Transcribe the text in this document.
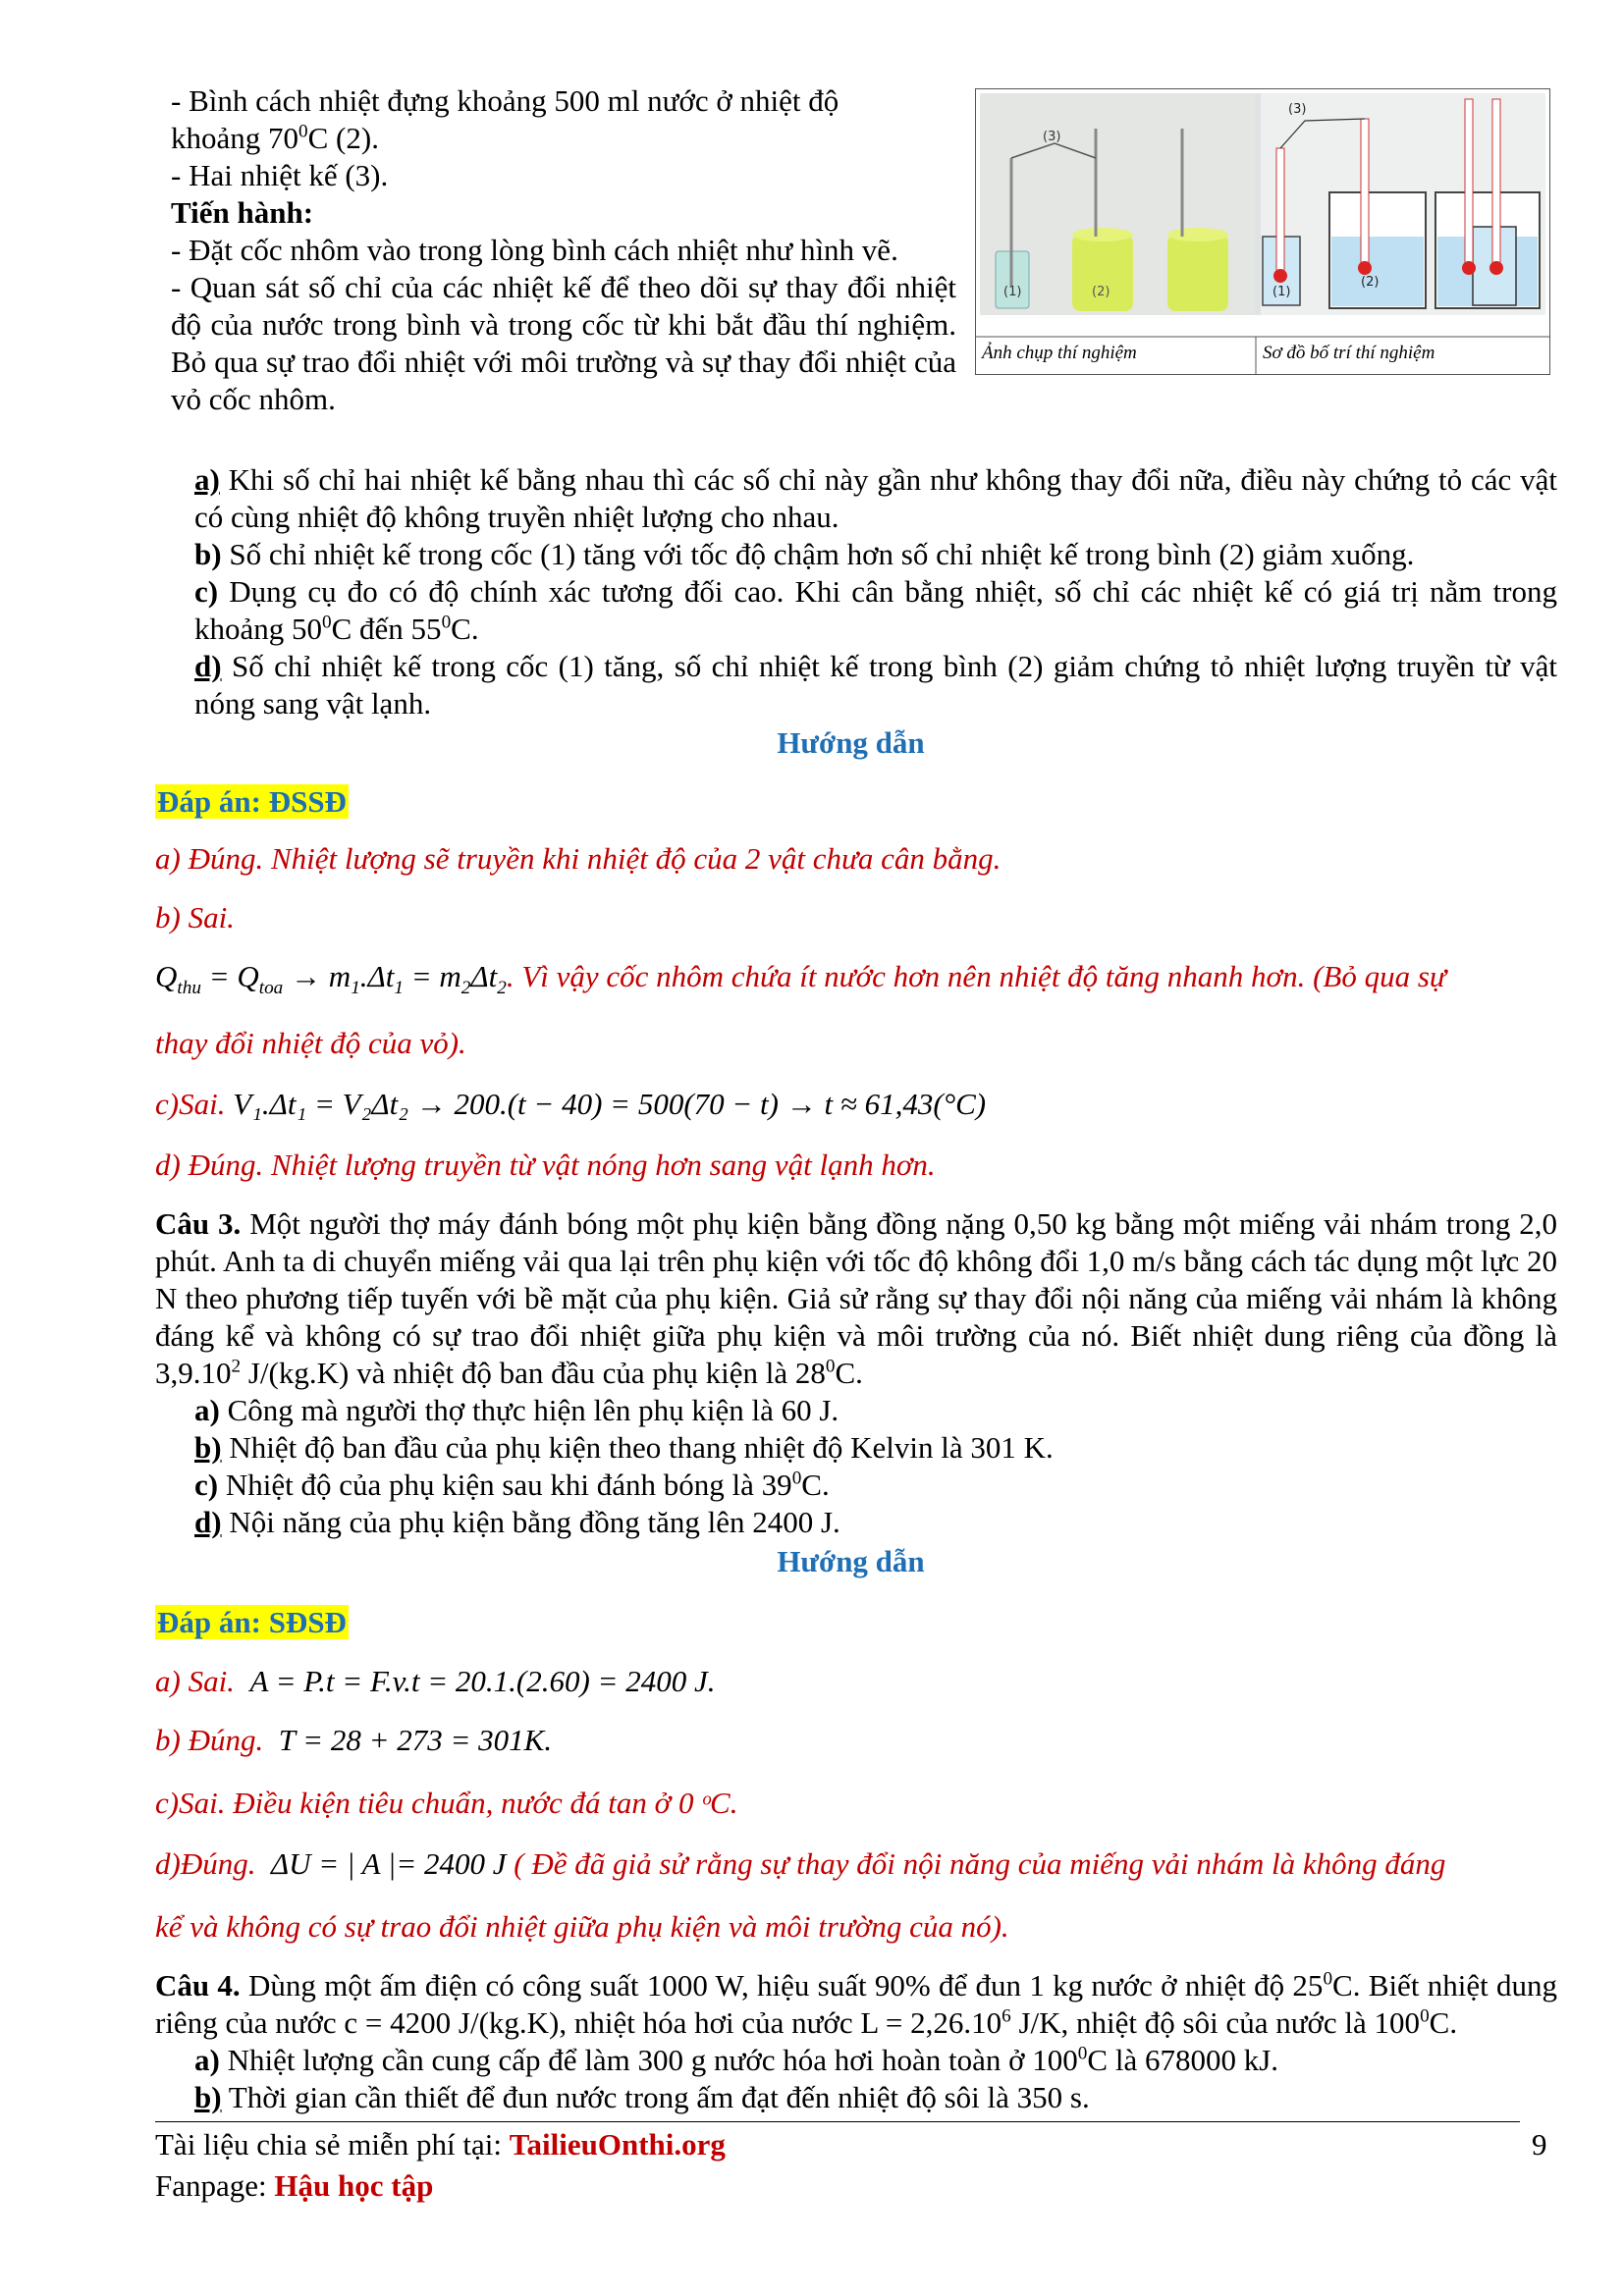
- Bình cách nhiệt đựng khoảng 500 ml nước ở nhiệt độ
khoảng $70^0C$ (2).
- Hai nhiệt kế (3).
Tiến hành:
- Đặt cốc nhôm vào trong lòng bình cách nhiệt như hình vẽ.
- Quan sát số chỉ của các nhiệt kế để theo dõi sự thay đổi nhiệt độ của nước trong bình và trong cốc từ khi bắt đầu thí nghiệm. Bỏ qua sự trao đổi nhiệt với môi trường và sự thay đổi nhiệt của vỏ cốc nhôm.
(1)	(2)
(3)
(1)
(2)
(3)
Ảnh chụp thí nghiệm	Sơ đồ bố trí thí nghiệm
a) Khi số chỉ hai nhiệt kế bằng nhau thì các số chỉ này gần như không thay đổi nữa, điều này chứng tỏ các vật có cùng nhiệt độ không truyền nhiệt lượng cho nhau.
b) Số chỉ nhiệt kế trong cốc (1) tăng với tốc độ chậm hơn số chỉ nhiệt kế trong bình (2) giảm xuống.
c) Dụng cụ đo có độ chính xác tương đối cao. Khi cân bằng nhiệt, số chỉ các nhiệt kế có giá trị nằm trong khoảng $50^0C$ đến $55^0C$.
d) Số chỉ nhiệt kế trong cốc (1) tăng, số chỉ nhiệt kế trong bình (2) giảm chứng tỏ nhiệt lượng truyền từ vật nóng sang vật lạnh.
Hướng dẫn
Đáp án: ĐSSĐ
a) Đúng. Nhiệt lượng sẽ truyền khi nhiệt độ của 2 vật chưa cân bằng.
b) Sai.
$Q_{thu} = Q_{toa} \to m_1.\Delta t_1 = m_2\Delta t_2$. Vì vậy cốc nhôm chứa ít nước hơn nên nhiệt độ tăng nhanh hơn. (Bỏ qua sự
thay đổi nhiệt độ của vỏ).
c)Sai. V₁.Δt₁ = V₂Δt₂ → 200.(t − 40) = 500(70 − t) → t ≈ 61,43(°C)
d) Đúng. Nhiệt lượng truyền từ vật nóng hơn sang vật lạnh hơn.
Câu 3. Một người thợ máy đánh bóng một phụ kiện bằng đồng nặng 0,50 kg bằng một miếng vải nhám trong 2,0 phút. Anh ta di chuyển miếng vải qua lại trên phụ kiện với tốc độ không đổi 1,0 m/s bằng cách tác dụng một lực 20 N theo phương tiếp tuyến với bề mặt của phụ kiện. Giả sử rằng sự thay đổi nội năng của miếng vải nhám là không đáng kể và không có sự trao đổi nhiệt giữa phụ kiện và môi trường của nó. Biết nhiệt dung riêng của đồng là 3,9.10$^2$ J/(kg.K) và nhiệt độ ban đầu của phụ kiện là $28^0C$.
a) Công mà người thợ thực hiện lên phụ kiện là 60 J.
b) Nhiệt độ ban đầu của phụ kiện theo thang nhiệt độ Kelvin là 301 K.
c) Nhiệt độ của phụ kiện sau khi đánh bóng là $39^0C$.
d) Nội năng của phụ kiện bằng đồng tăng lên 2400 J.
Hướng dẫn
Đáp án: SĐSĐ
a) Sai. A = P.t = F.v.t = 20.1.(2.60) = 2400 J.
b) Đúng. T = 28 + 273 = 301K.
c)Sai. Điều kiện tiêu chuẩn, nước đá tan ở 0 ᵒC.
d)Đúng. ΔU = | A |= 2400 J ( Đề đã giả sử rằng sự thay đổi nội năng của miếng vải nhám là không đáng
kể và không có sự trao đổi nhiệt giữa phụ kiện và môi trường của nó).
Câu 4. Dùng một ấm điện có công suất 1000 W, hiệu suất 90% để đun 1 kg nước ở nhiệt độ $25^0C$. Biết nhiệt dung riêng của nước c = 4200 J/(kg.K), nhiệt hóa hơi của nước $L = 2,26.10^6$ J/K, nhiệt độ sôi của nước là $100^0C$.
a) Nhiệt lượng cần cung cấp để làm 300 g nước hóa hơi hoàn toàn ở $100^0C$ là 678000 kJ.
b) Thời gian cần thiết để đun nước trong ấm đạt đến nhiệt độ sôi là 350 s.
Tài liệu chia sẻ miễn phí tại: TailieuOnthi.org
Fanpage: Hậu học tập
9
